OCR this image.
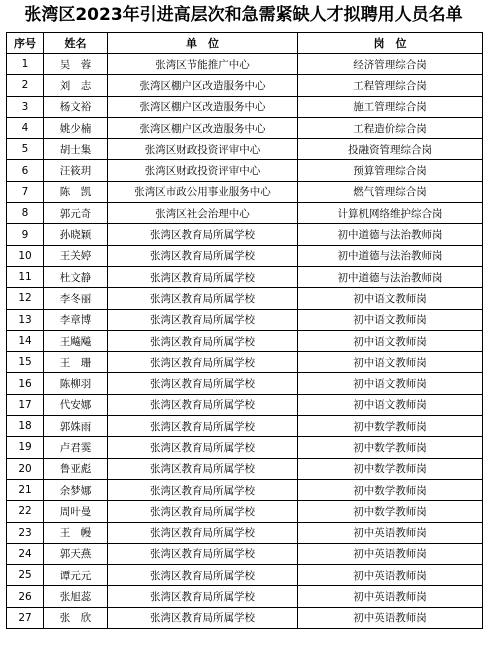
张湾区2023年引进高层次和急需紧缺人才拟聘用人员名单
序号	姓名	单　位	岗　位
1	吴　蓉	张湾区节能推广中心	经济管理综合岗
2	刘　志	张湾区棚户区改造服务中心	工程管理综合岗
3	杨文裕	张湾区棚户区改造服务中心	施工管理综合岗
4	姚少楠	张湾区棚户区改造服务中心	工程造价综合岗
5	胡士集	张湾区财政投资评审中心	投融资管理综合岗
6	汪筱玥	张湾区财政投资评审中心	预算管理综合岗
7	陈　凯	张湾区市政公用事业服务中心	燃气管理综合岗
8	郭元奇	张湾区社会治理中心	计算机网络维护综合岗
9	孙晓颖	张湾区教育局所属学校	初中道德与法治教师岗
10	王关婷	张湾区教育局所属学校	初中道德与法治教师岗
11	杜文静	张湾区教育局所属学校	初中道德与法治教师岗
12	李冬丽	张湾区教育局所属学校	初中语文教师岗
13	李章博	张湾区教育局所属学校	初中语文教师岗
14	王飚飚	张湾区教育局所属学校	初中语文教师岗
15	王　珊	张湾区教育局所属学校	初中语文教师岗
16	陈柳羽	张湾区教育局所属学校	初中语文教师岗
17	代安娜	张湾区教育局所属学校	初中语文教师岗
18	郭姝雨	张湾区教育局所属学校	初中数学教师岗
19	卢君霙	张湾区教育局所属学校	初中数学教师岗
20	鲁亚彪	张湾区教育局所属学校	初中数学教师岗
21	余梦娜	张湾区教育局所属学校	初中数学教师岗
22	周叶曼	张湾区教育局所属学校	初中数学教师岗
23	王　幔	张湾区教育局所属学校	初中英语教师岗
24	郭天燕	张湾区教育局所属学校	初中英语教师岗
25	谭元元	张湾区教育局所属学校	初中英语教师岗
26	张旭蕊	张湾区教育局所属学校	初中英语教师岗
27	张　欣	张湾区教育局所属学校	初中英语教师岗
